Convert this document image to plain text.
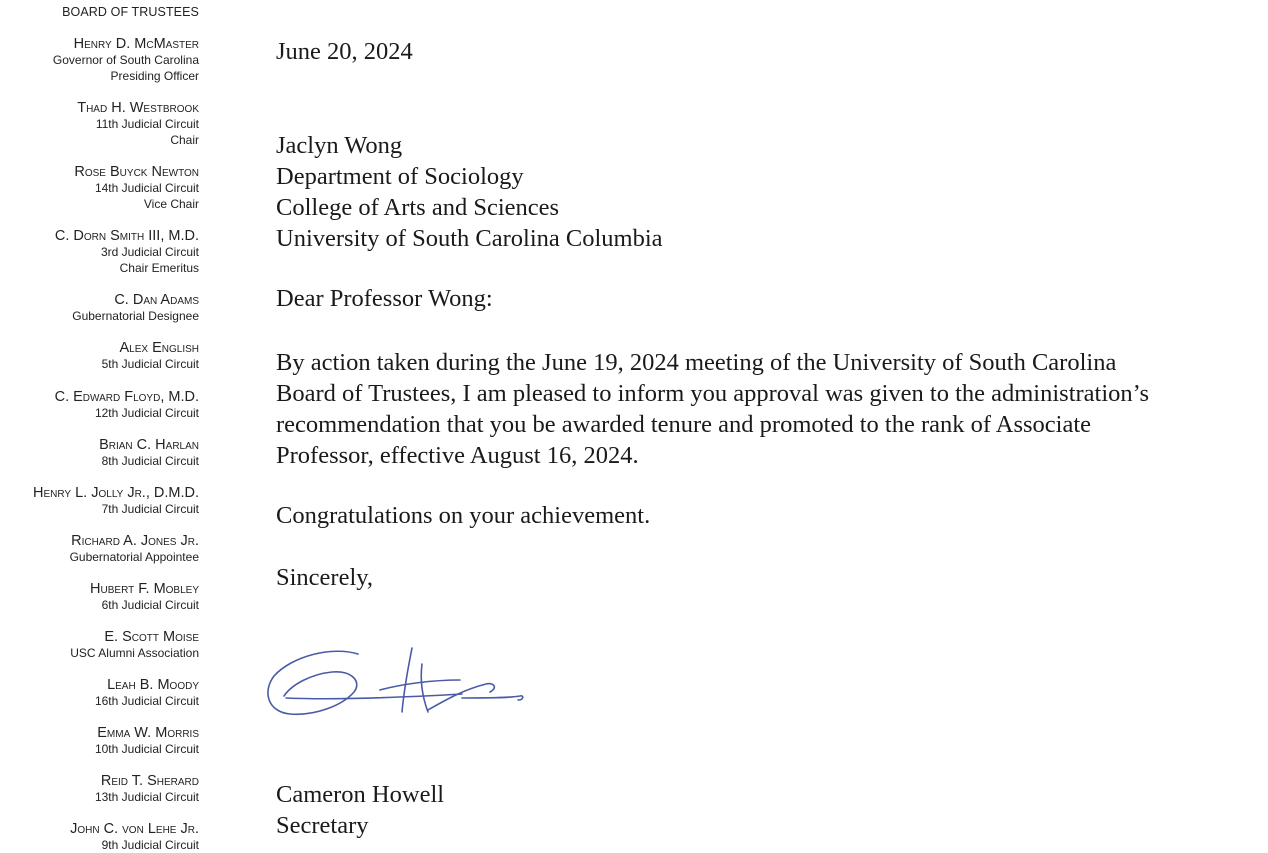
BOARD OF TRUSTEES
Henry D. McMaster
Governor of South Carolina
Presiding Officer
Thad H. Westbrook
11th Judicial Circuit
Chair
Rose Buyck Newton
14th Judicial Circuit
Vice Chair
C. Dorn Smith III, M.D.
3rd Judicial Circuit
Chair Emeritus
C. Dan Adams
Gubernatorial Designee
Alex English
5th Judicial Circuit
C. Edward Floyd, M.D.
12th Judicial Circuit
Brian C. Harlan
8th Judicial Circuit
Henry L. Jolly Jr., D.M.D.
7th Judicial Circuit
Richard A. Jones Jr.
Gubernatorial Appointee
Hubert F. Mobley
6th Judicial Circuit
E. Scott Moise
USC Alumni Association
Leah B. Moody
16th Judicial Circuit
Emma W. Morris
10th Judicial Circuit
Reid T. Sherard
13th Judicial Circuit
John C. von Lehe Jr.
9th Judicial Circuit
June 20, 2024
Jaclyn Wong
Department of Sociology
College of Arts and Sciences
University of South Carolina Columbia
Dear Professor Wong:
By action taken during the June 19, 2024 meeting of the University of South Carolina Board of Trustees, I am pleased to inform you approval was given to the administration’s recommendation that you be awarded tenure and promoted to the rank of Associate Professor, effective August 16, 2024.
Congratulations on your achievement.
Sincerely,
Cameron Howell
Secretary
